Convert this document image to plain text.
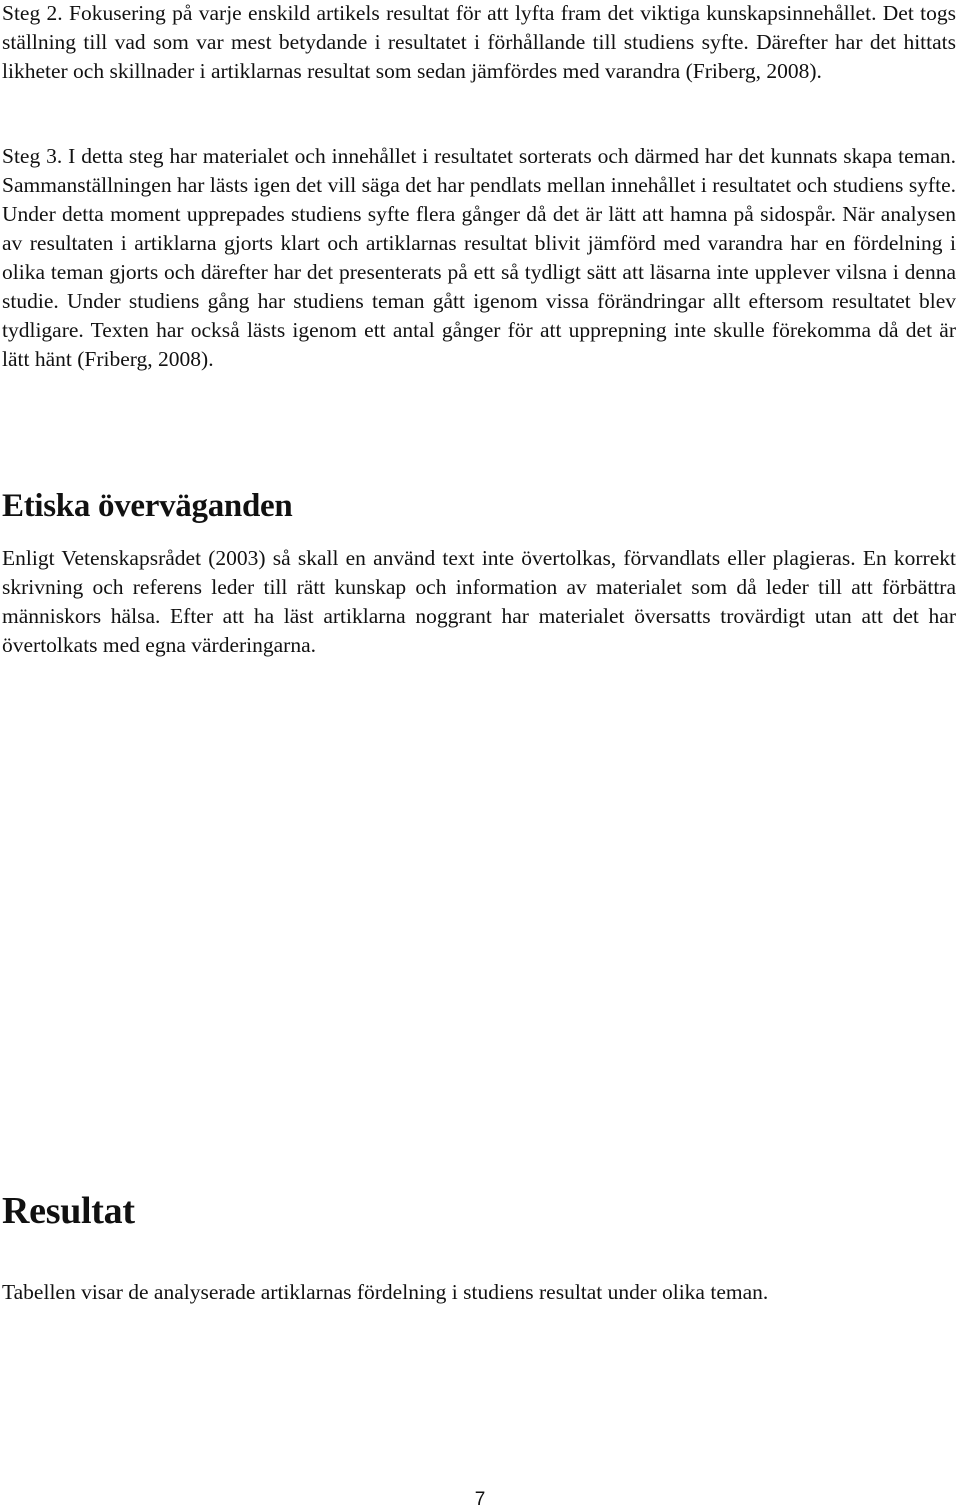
Steg 2. Fokusering på varje enskild artikels resultat för att lyfta fram det viktiga kunskapsinnehållet. Det togs ställning till vad som var mest betydande i resultatet i förhållande till studiens syfte. Därefter har det hittats likheter och skillnader i artiklarnas resultat som sedan jämfördes med varandra (Friberg, 2008).

Steg 3. I detta steg har materialet och innehållet i resultatet sorterats och därmed har det kunnats skapa teman. Sammanställningen har lästs igen det vill säga det har pendlats mellan innehållet i resultatet och studiens syfte. Under detta moment upprepades studiens syfte flera gånger då det är lätt att hamna på sidospår. När analysen av resultaten i artiklarna gjorts klart och artiklarnas resultat blivit jämförd med varandra har en fördelning i olika teman gjorts och därefter har det presenterats på ett så tydligt sätt att läsarna inte upplever vilsna i denna studie. Under studiens gång har studiens teman gått igenom vissa förändringar allt eftersom resultatet blev tydligare. Texten har också lästs igenom ett antal gånger för att upprepning inte skulle förekomma då det är lätt hänt (Friberg, 2008).

Etiska överväganden

Enligt Vetenskapsrådet (2003) så skall en använd text inte övertolkas, förvandlats eller plagieras. En korrekt skrivning och referens leder till rätt kunskap och information av materialet som då leder till att förbättra människors hälsa. Efter att ha läst artiklarna noggrant har materialet översatts trovärdigt utan att det har övertolkats med egna värderingarna.

Resultat

Tabellen visar de analyserade artiklarnas fördelning i studiens resultat under olika teman.

7
